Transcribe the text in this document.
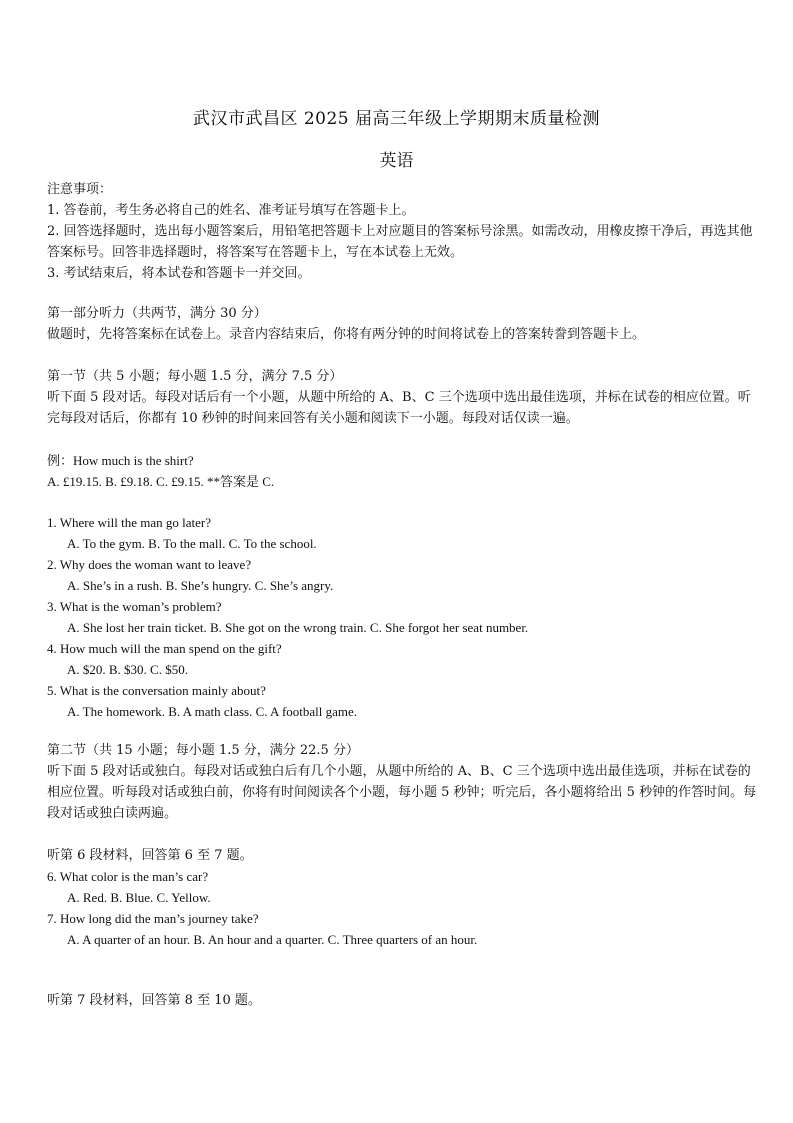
武汉市武昌区 2025 届高三年级上学期期末质量检测
英语
注意事项：
1. 答卷前，考生务必将自己的姓名、准考证号填写在答题卡上。
2. 回答选择题时，选出每小题答案后，用铅笔把答题卡上对应题目的答案标号涂黑。如需改动，用橡皮擦干净后，再选其他答案标号。回答非选择题时，将答案写在答题卡上，写在本试卷上无效。
3. 考试结束后，将本试卷和答题卡一并交回。
第一部分听力（共两节，满分 30 分）
做题时，先将答案标在试卷上。录音内容结束后，你将有两分钟的时间将试卷上的答案转誊到答题卡上。
第一节（共 5 小题；每小题 1.5 分，满分 7.5 分）
听下面 5 段对话。每段对话后有一个小题，从题中所给的 A、B、C 三个选项中选出最佳选项，并标在试卷的相应位置。听完每段对话后，你都有 10 秒钟的时间来回答有关小题和阅读下一小题。每段对话仅读一遍。
例：How much is the shirt?
A. £19.15. B. £9.18. C. £9.15. **答案是 C.
1. Where will the man go later?
A. To the gym. B. To the mall. C. To the school.
2. Why does the woman want to leave?
A. She’s in a rush. B. She’s hungry. C. She’s angry.
3. What is the woman’s problem?
A. She lost her train ticket. B. She got on the wrong train. C. She forgot her seat number.
4. How much will the man spend on the gift?
A. $20. B. $30. C. $50.
5. What is the conversation mainly about?
A. The homework. B. A math class. C. A football game.
第二节（共 15 小题；每小题 1.5 分，满分 22.5 分）
听下面 5 段对话或独白。每段对话或独白后有几个小题，从题中所给的 A、B、C 三个选项中选出最佳选项，并标在试卷的相应位置。听每段对话或独白前，你将有时间阅读各个小题，每小题 5 秒钟；听完后，各小题将给出 5 秒钟的作答时间。每段对话或独白读两遍。
听第 6 段材料，回答第 6 至 7 题。
6. What color is the man’s car?
A. Red. B. Blue. C. Yellow.
7. How long did the man’s journey take?
A. A quarter of an hour. B. An hour and a quarter. C. Three quarters of an hour.
听第 7 段材料，回答第 8 至 10 题。
